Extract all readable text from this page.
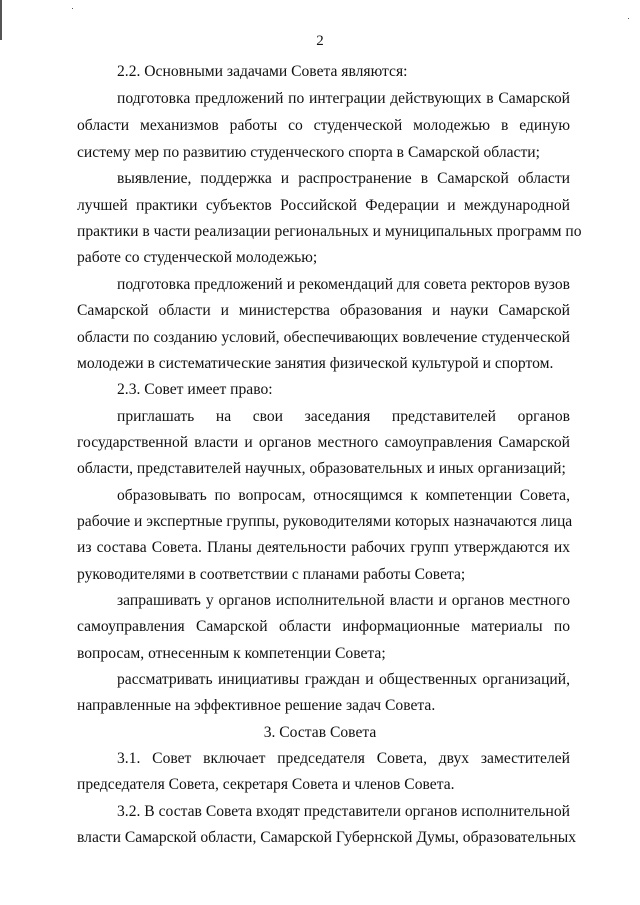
2
2.2. Основными задачами Совета являются:
подготовка предложений по интеграции действующих в Самарской
области механизмов работы со студенческой молодежью в единую
систему мер по развитию студенческого спорта в Самарской области;
выявление, поддержка и распространение в Самарской области
лучшей практики субъектов Российской Федерации и международной
практики в части реализации региональных и муниципальных программ по
работе со студенческой молодежью;
подготовка предложений и рекомендаций для совета ректоров вузов
Самарской области и министерства образования и науки Самарской
области по созданию условий, обеспечивающих вовлечение студенческой
молодежи в систематические занятия физической культурой и спортом.
2.3. Совет имеет право:
приглашать на свои заседания представителей органов
государственной власти и органов местного самоуправления Самарской
области, представителей научных, образовательных и иных организаций;
образовывать по вопросам, относящимся к компетенции Совета,
рабочие и экспертные группы, руководителями которых назначаются лица
из состава Совета. Планы деятельности рабочих групп утверждаются их
руководителями в соответствии с планами работы Совета;
запрашивать у органов исполнительной власти и органов местного
самоуправления Самарской области информационные материалы по
вопросам, отнесенным к компетенции Совета;
рассматривать инициативы граждан и общественных организаций,
направленные на эффективное решение задач Совета.
3. Состав Совета
3.1. Совет включает председателя Совета, двух заместителей
председателя Совета, секретаря Совета и членов Совета.
3.2. В состав Совета входят представители органов исполнительной
власти Самарской области, Самарской Губернской Думы, образовательных
